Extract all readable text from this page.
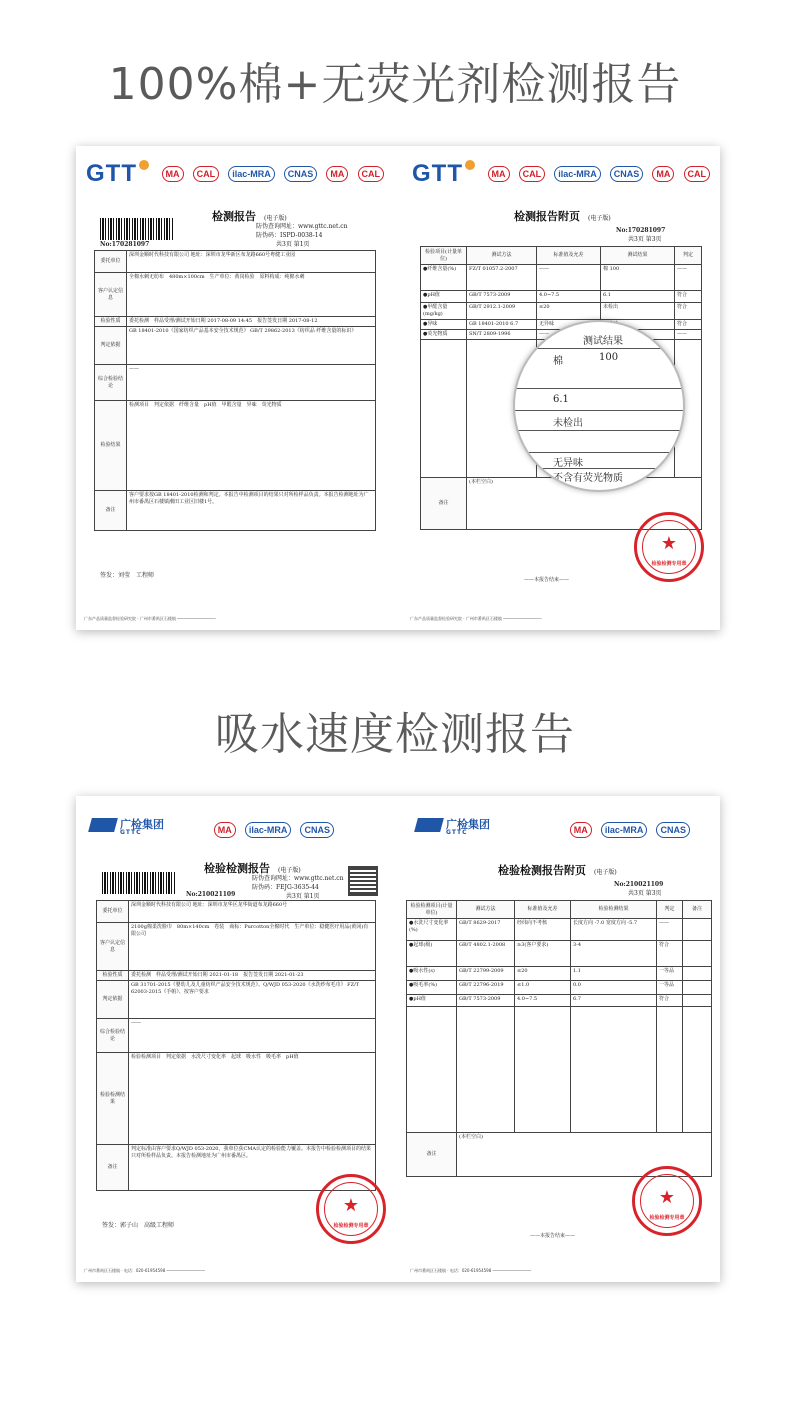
100%棉+无荧光剂检测报告
GTT	MA CAL ilac-MRA CNAS MA CAL
检测报告 (电子版)
防伪查询网址：www.gttc.net.cn
防伪码：ISPD-0038-14
No:170281097	共3页 第1页
委托单位	深圳金顺时代科技有限公司 地址：深圳市龙华新区布龙路660号粤健工业园
客户认定信息	全棉水刺无纺布　480m×100cm　生产单位：黄岗检验　原料构成：纯棉水刺
检验性质	委托检测　样品受理/测试开始日期 2017-08-09 14:45　报告签发日期 2017-08-12
判定依据	GB 18401-2010《国家纺织产品基本安全技术规范》 GB/T 29862-2013《纺织品 纤维含量的标识》
综合检验结论	——
检验结果	检测项目　判定依据　纤维含量　pH值　甲醛含量　异味　荧光物质
备注	客户要求按GB 18401-2010检测和判定。本报告中检测项目的结果只对所检样品负责。本报告检测地址为广州市番禺区石楼镇潮田工业区旧楼1号。
签发：刘莹　工程师
广东产品质量监督检验研究院 · 广州市番禺区石楼镇 ────────────────
GTT	MA CAL ilac-MRA CNAS MA CAL
检测报告附页 (电子版)
No:170281097
共3页 第3页
检验项目(计量单位)	测试方法	标准值及允差	测试结果	判定
●纤维含量(%)	FZ/T 01057.2-2007	——	棉 100	——
●pH值	GB/T 7573-2009	4.0~7.5	6.1	符合
●甲醛含量(mg/kg)	GB/T 2912.1-2009	≤20	未检出	符合
●异味	GB 18401-2010 6.7	无异味		符合
●荧光物质	SN/T 2809-1996	——		——

备注	(本栏空白)			
测试结果
棉	100
6.1
未检出
无异味
不含有荧光物质
★
检验检测专用章
——本报告结束——
广东产品质量监督检验研究院 · 广州市番禺区石楼镇 ────────────────
吸水速度检测报告
广检集团
GTTC	MA ilac-MRA CNAS
检验检测报告 (电子版)
防伪查询网址：www.gttc.net.cn
防伪码：FEJG-3635-44
No:210021109	共3页 第1页
委托单位	深圳金顺时代科技有限公司 地址：深圳市龙华区龙华街道布龙路660号
客户认定信息	2100g棉柔洗脸巾　80m×140cm　卷装　商标：Purcotton全棉时代　生产单位：稳健医疗用品(黄冈)有限公司
检验性质	委托检测　样品受理/测试开始日期 2021-01-18　报告签发日期 2021-01-23
判定依据	GB 31701-2015《婴幼儿及儿童纺织产品安全技术规范》、Q/WJD 053-2020《水洗纱布毛巾》 FZ/T 62003-2015《手帕》、按客户要求
综合检验结论	——
检验检测结果	检验检测项目　判定依据　水洗尺寸变化率　起球　吸水性　吸毛率　pH值
备注	判定标准由客户要求Q/WJD 053-2020，我单位获CMA认定的检验能力覆盖。本报告中检验检测项目的结果只对所检样品负责。本报告检测地址为广州市番禺区。
★
检验检测专用章
签发：郭子山　高级工程师
广州市番禺区石楼镇 · 电话：020-61954598 ────────────────
广检集团
GTTC	MA ilac-MRA CNAS
检验检测报告附页 (电子版)
No:210021109
共3页 第3页
检验检测项目(计量单位)	测试方法	标准值及允差	检验检测结果	判定	备注
●水洗尺寸变化率(%)	GB/T 8629-2017	经纬向不考核	长度方向 -7.0 宽度方向 -5.7	——	
●起球(级)	GB/T 4802.1-2008	≥3(客户要求)	3-4	符合	
●吸水性(s)	GB/T 22799-2009	≤20	1.1	一等品	
●吸毛率(%)	GB/T 22796-2019	≤1.0	0.0	一等品	
●pH值	GB/T 7573-2009	4.0~7.5	6.7	符合	

备注	(本栏空白)				
★
检验检测专用章
——本报告结束——
广州市番禺区石楼镇 · 电话：020-61954598 ────────────────
